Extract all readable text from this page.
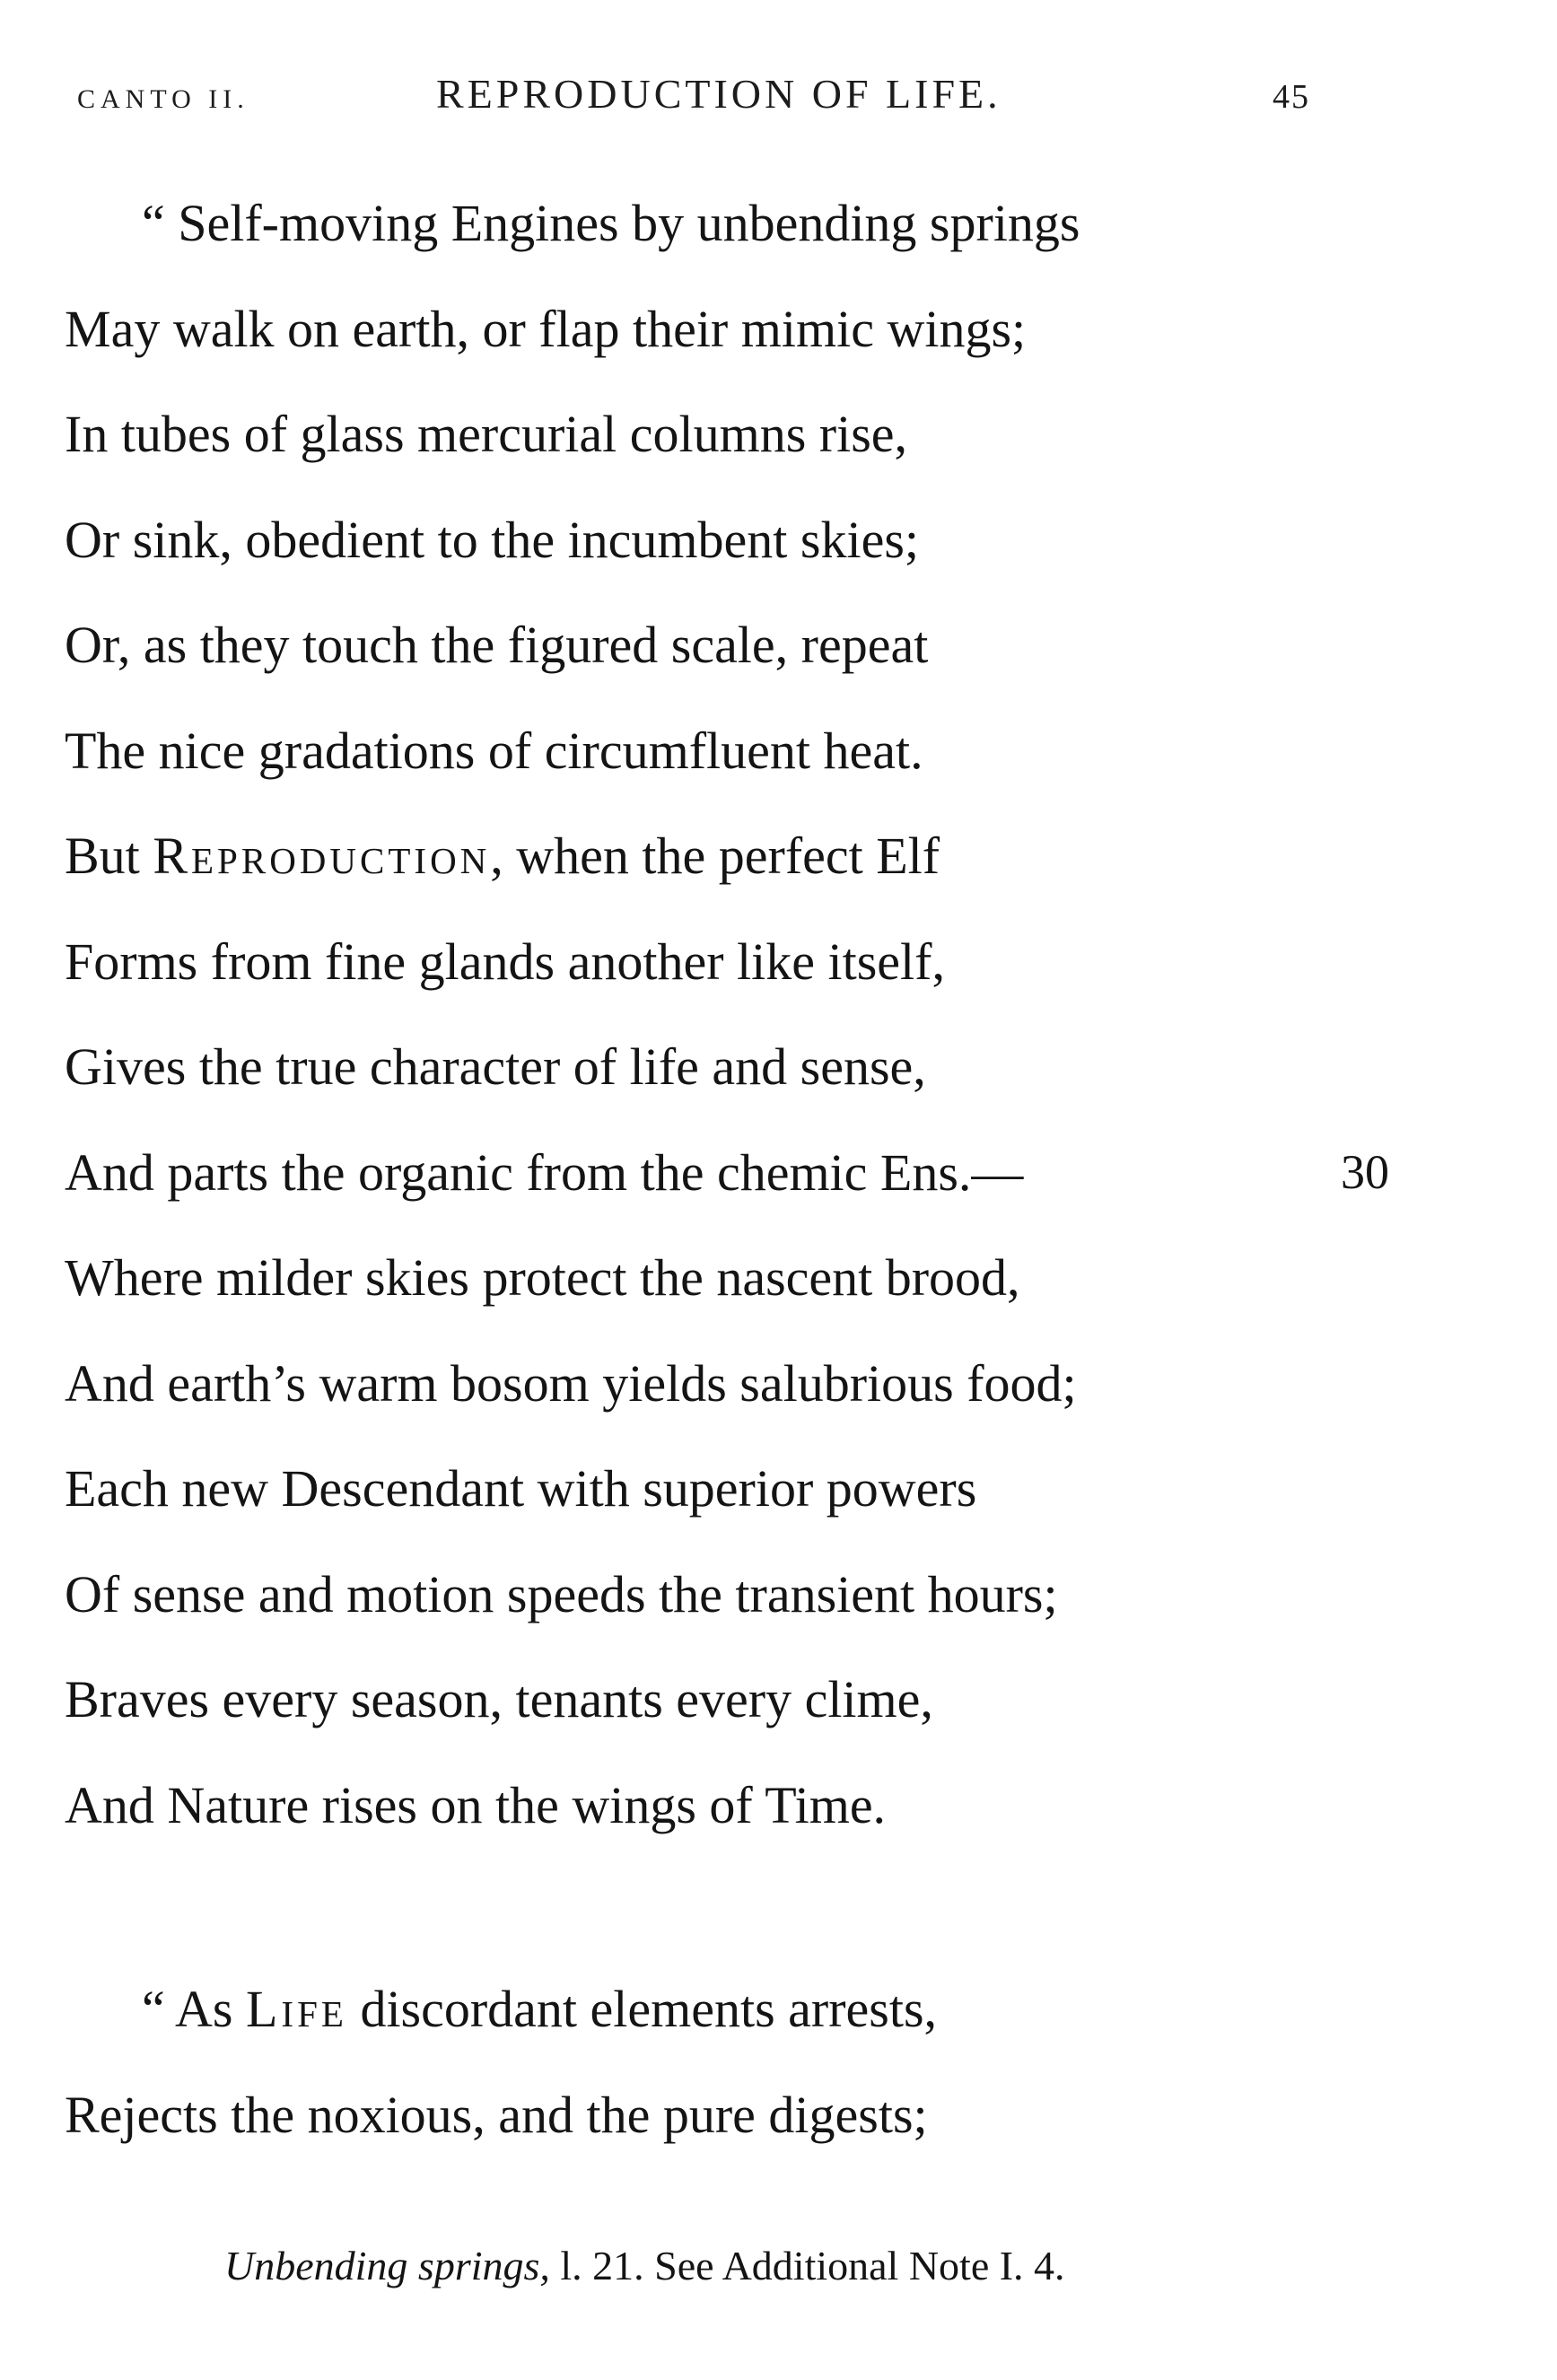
CANTO II.	REPRODUCTION OF LIFE.	45
“ Self-moving Engines by unbending springs
May walk on earth, or flap their mimic wings;
In tubes of glass mercurial columns rise,
Or sink, obedient to the incumbent skies;
Or, as they touch the figured scale, repeat
The nice gradations of circumfluent heat.
But Reproduction, when the perfect Elf
Forms from fine glands another like itself,
Gives the true character of life and sense,
And parts the organic from the chemic Ens.—	30
Where milder skies protect the nascent brood,
And earth’s warm bosom yields salubrious food;
Each new Descendant with superior powers
Of sense and motion speeds the transient hours;
Braves every season, tenants every clime,
And Nature rises on the wings of Time.
“ As Life discordant elements arrests,
Rejects the noxious, and the pure digests;
Unbending springs, l. 21. See Additional Note I. 4.
